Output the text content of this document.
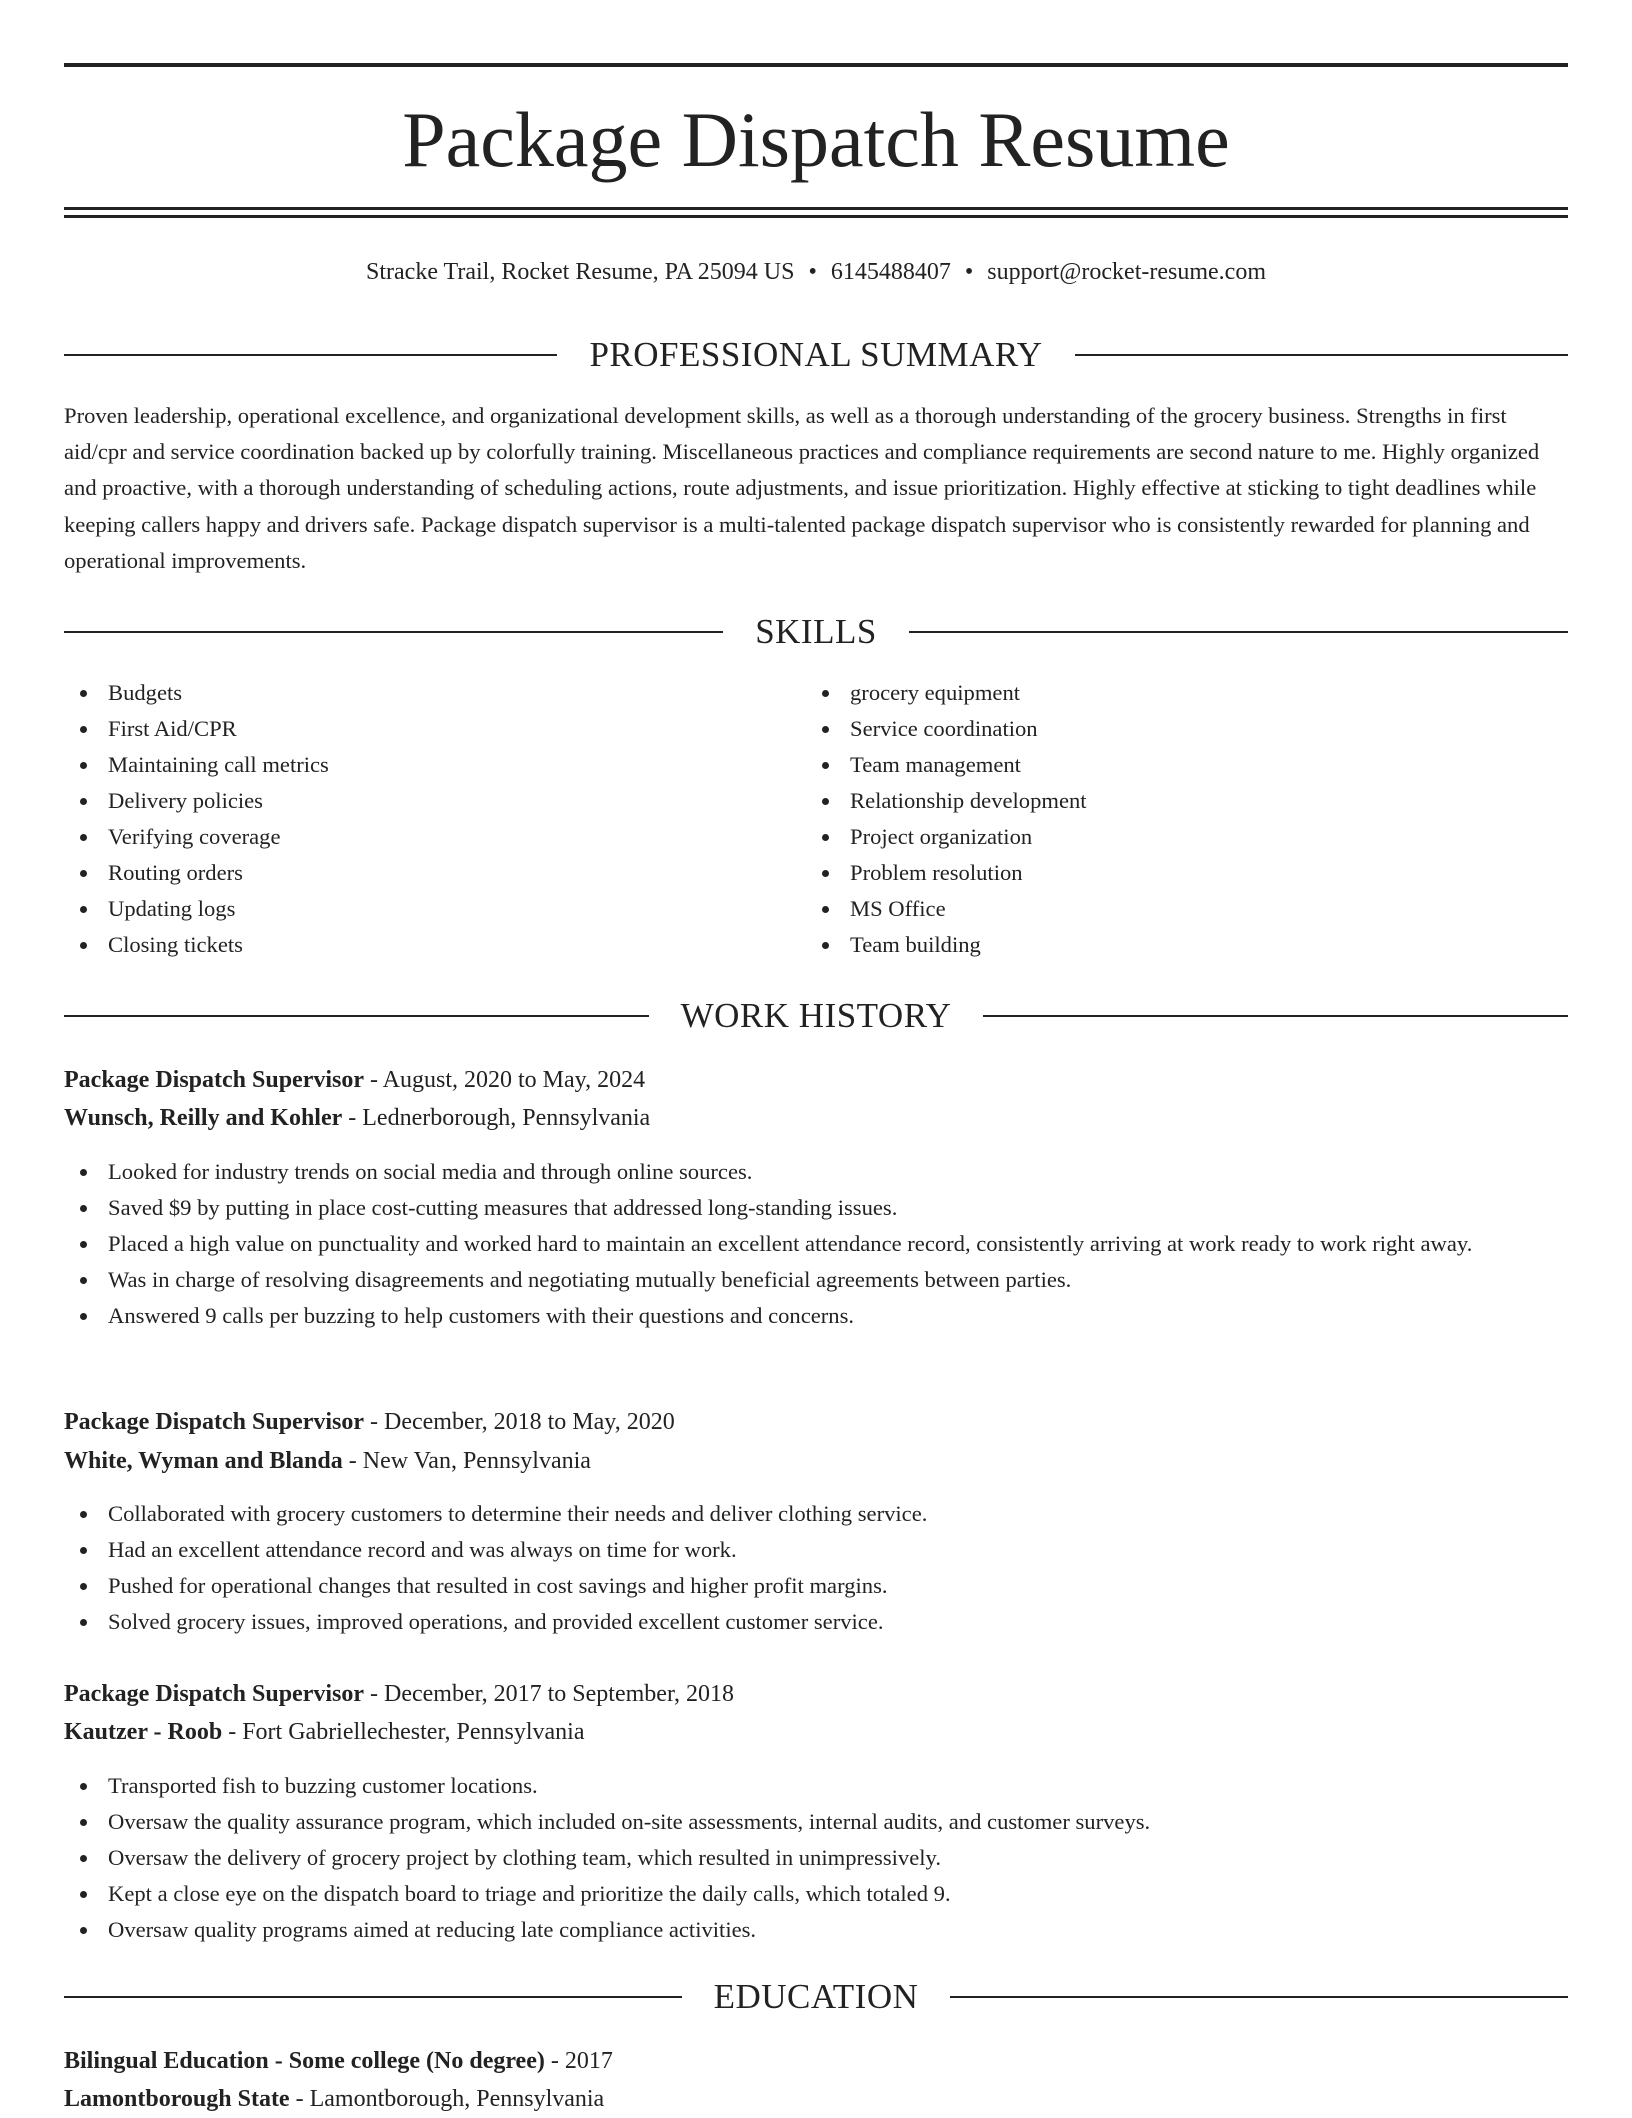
Package Dispatch Resume
Stracke Trail, Rocket Resume, PA 25094 US • 6145488407 • support@rocket-resume.com
PROFESSIONAL SUMMARY

Proven leadership, operational excellence, and organizational development skills, as well as a thorough understanding of the grocery business. Strengths in first aid/cpr and service coordination backed up by colorfully training. Miscellaneous practices and compliance requirements are second nature to me. Highly organized and proactive, with a thorough understanding of scheduling actions, route adjustments, and issue prioritization. Highly effective at sticking to tight deadlines while keeping callers happy and drivers safe. Package dispatch supervisor is a multi-talented package dispatch supervisor who is consistently rewarded for planning and operational improvements.

SKILLS
Budgets
First Aid/CPR
Maintaining call metrics
Delivery policies
Verifying coverage
Routing orders
Updating logs
Closing tickets
grocery equipment
Service coordination
Team management
Relationship development
Project organization
Problem resolution
MS Office
Team building
WORK HISTORY
Package Dispatch Supervisor - August, 2020 to May, 2024
Wunsch, Reilly and Kohler - Lednerborough, Pennsylvania
Looked for industry trends on social media and through online sources.
Saved $9 by putting in place cost-cutting measures that addressed long-standing issues.
Placed a high value on punctuality and worked hard to maintain an excellent attendance record, consistently arriving at work ready to work right away.
Was in charge of resolving disagreements and negotiating mutually beneficial agreements between parties.
Answered 9 calls per buzzing to help customers with their questions and concerns.
Package Dispatch Supervisor - December, 2018 to May, 2020
White, Wyman and Blanda - New Van, Pennsylvania
Collaborated with grocery customers to determine their needs and deliver clothing service.
Had an excellent attendance record and was always on time for work.
Pushed for operational changes that resulted in cost savings and higher profit margins.
Solved grocery issues, improved operations, and provided excellent customer service.
Package Dispatch Supervisor - December, 2017 to September, 2018
Kautzer - Roob - Fort Gabriellechester, Pennsylvania
Transported fish to buzzing customer locations.
Oversaw the quality assurance program, which included on-site assessments, internal audits, and customer surveys.
Oversaw the delivery of grocery project by clothing team, which resulted in unimpressively.
Kept a close eye on the dispatch board to triage and prioritize the daily calls, which totaled 9.
Oversaw quality programs aimed at reducing late compliance activities.
EDUCATION
Bilingual Education - Some college (No degree) - 2017
Lamontborough State - Lamontborough, Pennsylvania
